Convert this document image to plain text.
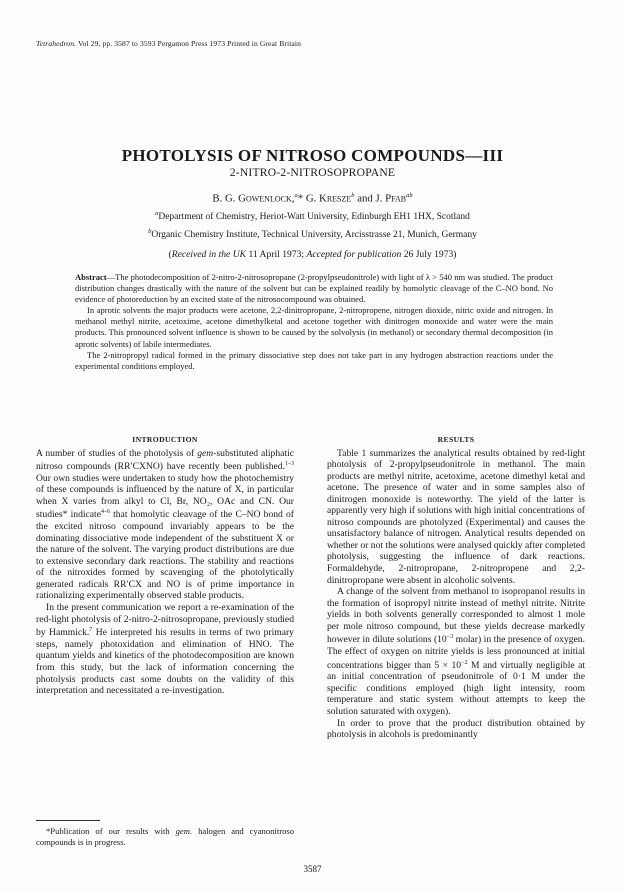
Tetrahedron. Vol 29, pp. 3587 to 3593 Pergamon Press 1973 Printed in Great Britain
PHOTOLYSIS OF NITROSO COMPOUNDS—III
2-NITRO-2-NITROSOPROPANE
B. G. Gowenlock,$^a$* G. Kresze$^b$ and J. Pfab$^{ab}$
$^a$Department of Chemistry, Heriot-Watt University, Edinburgh EH1 1HX, Scotland
$^b$Organic Chemistry Institute, Technical University, Arcisstrasse 21, Munich, Germany
(Received in the UK 11 April 1973; Accepted for publication 26 July 1973)

Abstract—The photodecomposition of 2-nitro-2-nitrosopropane (2-propylpseudonitrole) with light of λ > 540 nm was studied. The product distribution changes drastically with the nature of the solvent but can be explained readily by homolytic cleavage of the C–NO bond. No evidence of photoreduction by an excited state of the nitrosocompound was obtained.

In aprotic solvents the major products were acetone, 2,2-dinitropropane, 2-nitropropene, nitrogen dioxide, nitric oxide and nitrogen. In methanol methyl nitrite, acetoxime, acetone dimethylketal and acetone together with dinitrogen monoxide and water were the main products. This pronounced solvent influence is shown to be caused by the solvolysis (in methanol) or secondary thermal decomposition (in aprotic solvents) of labile intermediates.

The 2-nitropropyl radical formed in the primary dissociative step does not take part in any hydrogen abstraction reactions under the experimental conditions employed.

INTRODUCTION

A number of studies of the photolysis of gem-substituted aliphatic nitroso compounds (RR′CXNO) have recently been published.$^{1-3}$ Our own studies were undertaken to study how the photochemistry of these compounds is influenced by the nature of X, in particular when X varies from alkyl to Cl, Br, NO₂, OAc and CN. Our studies* indicate$^{4-6}$ that homolytic cleavage of the C–NO bond of the excited nitroso compound invariably appears to be the dominating dissociative mode independent of the substituent X or the nature of the solvent. The varying product distributions are due to extensive secondary dark reactions. The stability and reactions of the nitroxides formed by scavenging of the photolytically generated radicals RR′CX and NO is of prime importance in rationalizing experimentally observed stable products.

In the present communication we report a re-examination of the red-light photolysis of 2-nitro-2-nitrosopropane, previously studied by Hammick.$^7$ He interpreted his results in terms of two primary steps, namely photoxidation and elimination of HNO. The quantum yields and kinetics of the photodecomposition are known from this study, but the lack of information concerning the photolysis products cast some doubts on the validity of this interpretation and necessitated a re-investigation.

*Publication of our results with gem. halogen and cyanonitroso compounds is in progress.

RESULTS

Table 1 summarizes the analytical results obtained by red-light photolysis of 2-propylpseudonitrole in methanol. The main products are methyl nitrite, acetoxime, acetone dimethyl ketal and acetone. The presence of water and in some samples also of dinitrogen monoxide is noteworthy. The yield of the latter is apparently very high if solutions with high initial concentrations of nitroso compounds are photolyzed (Experimental) and causes the unsatisfactory balance of nitrogen. Analytical results depended on whether or not the solutions were analysed quickly after completed photolysis, suggesting the influence of dark reactions. Formaldehyde, 2-nitropropane, 2-nitropropene and 2,2-dinitropropane were absent in alcoholic solvents.

A change of the solvent from methanol to isopropanol results in the formation of isopropyl nitrite instead of methyl nitrite. Nitrite yields in both solvents generally corresponded to almost 1 mole per mole nitroso compound, but these yields decrease markedly however in dilute solutions ($10^{-3}$ molar) in the presence of oxygen. The effect of oxygen on nitrite yields is less pronounced at initial concentrations bigger than $5 \times 10^{-2}$ M and virtually negligible at an initial concentration of pseudonitrole of 0·1 M under the specific conditions employed (high light intensity, room temperature and static system without attempts to keep the solution saturated with oxygen).

In order to prove that the product distribution obtained by photolysis in alcohols is predominantly

3587
